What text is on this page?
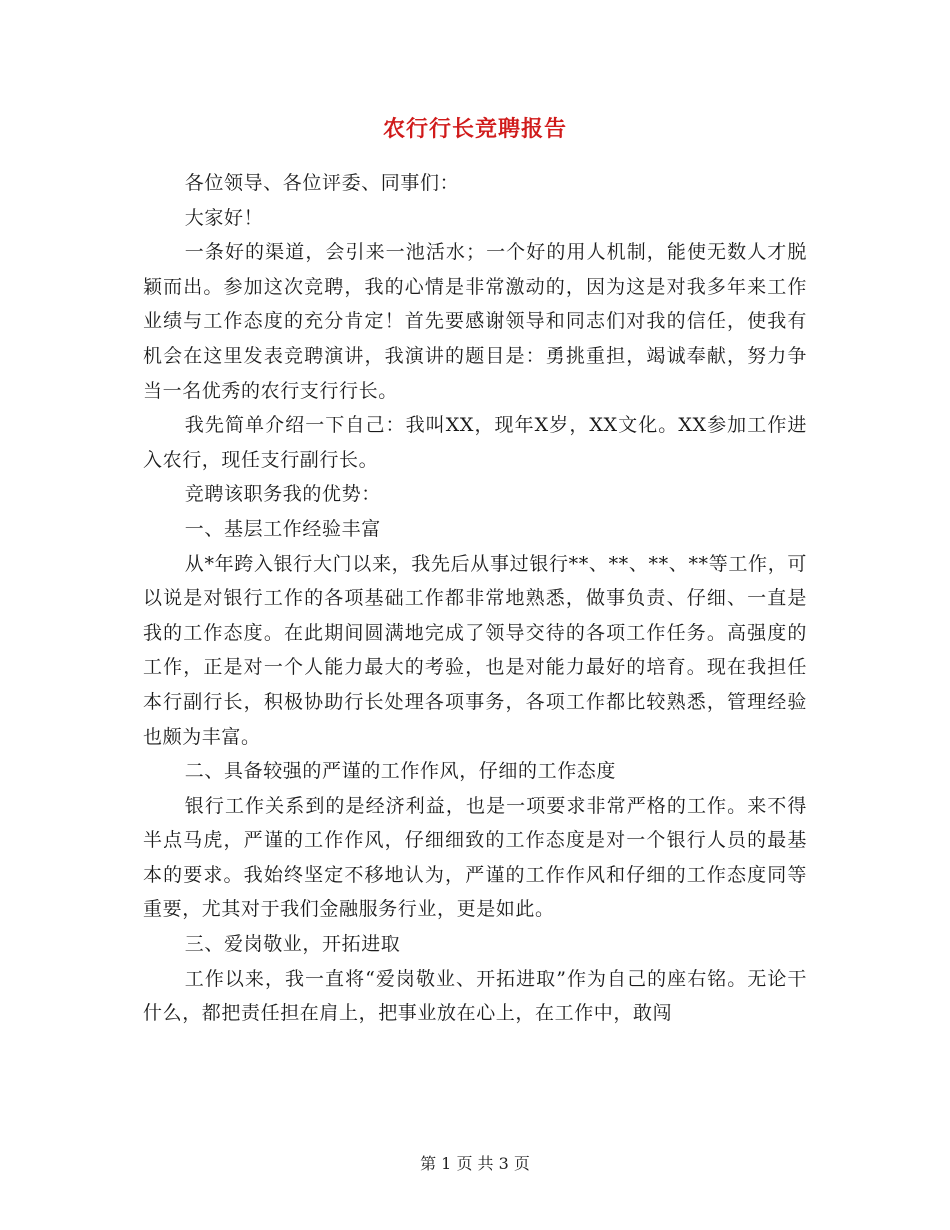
农行行长竞聘报告

各位领导、各位评委、同事们：

大家好！

一条好的渠道，会引来一池活水；一个好的用人机制，能使无数人才脱颖而出。参加这次竞聘，我的心情是非常激动的，因为这是对我多年来工作业绩与工作态度的充分肯定！首先要感谢领导和同志们对我的信任，使我有机会在这里发表竞聘演讲，我演讲的题目是：勇挑重担，竭诚奉献，努力争当一名优秀的农行支行行长。

我先简单介绍一下自己：我叫XX，现年X岁，XX文化。XX参加工作进入农行，现任支行副行长。

竞聘该职务我的优势：

一、基层工作经验丰富

从*年跨入银行大门以来，我先后从事过银行**、**、**、**等工作，可以说是对银行工作的各项基础工作都非常地熟悉，做事负责、仔细、一直是我的工作态度。在此期间圆满地完成了领导交待的各项工作任务。高强度的工作，正是对一个人能力最大的考验，也是对能力最好的培育。现在我担任本行副行长，积极协助行长处理各项事务，各项工作都比较熟悉，管理经验也颇为丰富。

二、具备较强的严谨的工作作风，仔细的工作态度

银行工作关系到的是经济利益，也是一项要求非常严格的工作。来不得半点马虎，严谨的工作作风，仔细细致的工作态度是对一个银行人员的最基本的要求。我始终坚定不移地认为，严谨的工作作风和仔细的工作态度同等重要，尤其对于我们金融服务行业，更是如此。

三、爱岗敬业，开拓进取

工作以来，我一直将“爱岗敬业、开拓进取”作为自己的座右铭。无论干什么，都把责任担在肩上，把事业放在心上，在工作中，敢闯

第 1 页 共 3 页
